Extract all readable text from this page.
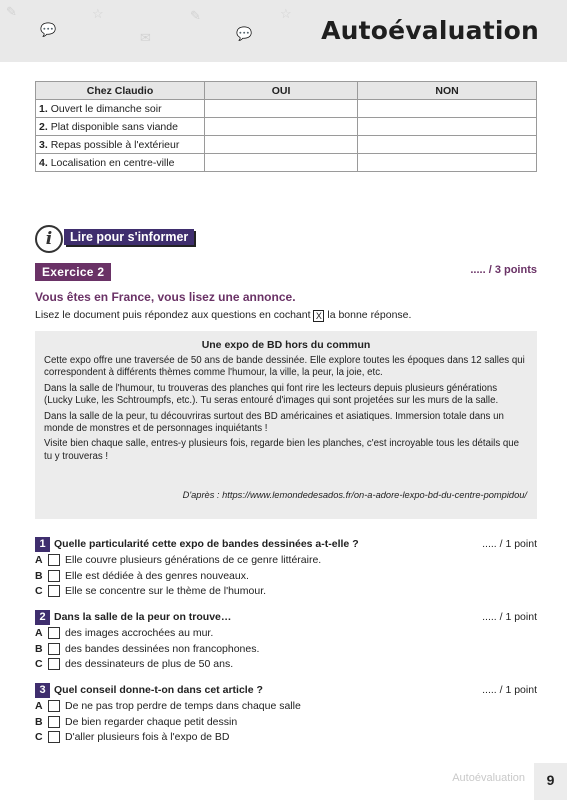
✎
💬
☆
✉
✎
💬
☆
Autoévaluation
Chez Claudio	OUI	NON
1. Ouvert le dimanche soir		
2. Plat disponible sans viande		
3. Repas possible à l'extérieur		
4. Localisation en centre-ville		
i	Lire pour s'informer
Exercice 2	..... / 3 points
Vous êtes en France, vous lisez une annonce.
Lisez le document puis répondez aux questions en cochant X la bonne réponse.
Une expo de BD hors du commun

Cette expo offre une traversée de 50 ans de bande dessinée. Elle explore toutes les époques dans 12 salles qui correspondent à différents thèmes comme l'humour, la ville, la peur, la joie, etc.

Dans la salle de l'humour, tu trouveras des planches qui font rire les lecteurs depuis plusieurs générations (Lucky Luke, les Schtroumpfs, etc.). Tu seras entouré d'images qui sont projetées sur les murs de la salle.

Dans la salle de la peur, tu découvriras surtout des BD américaines et asiatiques. Immersion totale dans un monde de monstres et de personnages inquiétants !

Visite bien chaque salle, entres-y plusieurs fois, regarde bien les planches, c'est incroyable tous les détails que tu y trouveras !

D'après : https://www.lemondedesados.fr/on-a-adore-lexpo-bd-du-centre-pompidou/
1 Quelle particularité cette expo de bandes dessinées a-t-elle ?	..... / 1 point
A Elle couvre plusieurs générations de ce genre littéraire.
B Elle est dédiée à des genres nouveaux.
C Elle se concentre sur le thème de l'humour.
2 Dans la salle de la peur on trouve…	..... / 1 point
A des images accrochées au mur.
B des bandes dessinées non francophones.
C des dessinateurs de plus de 50 ans.
3 Quel conseil donne-t-on dans cet article ?	..... / 1 point
A De ne pas trop perdre de temps dans chaque salle
B De bien regarder chaque petit dessin
C D'aller plusieurs fois à l'expo de BD
Autoévaluation	9
